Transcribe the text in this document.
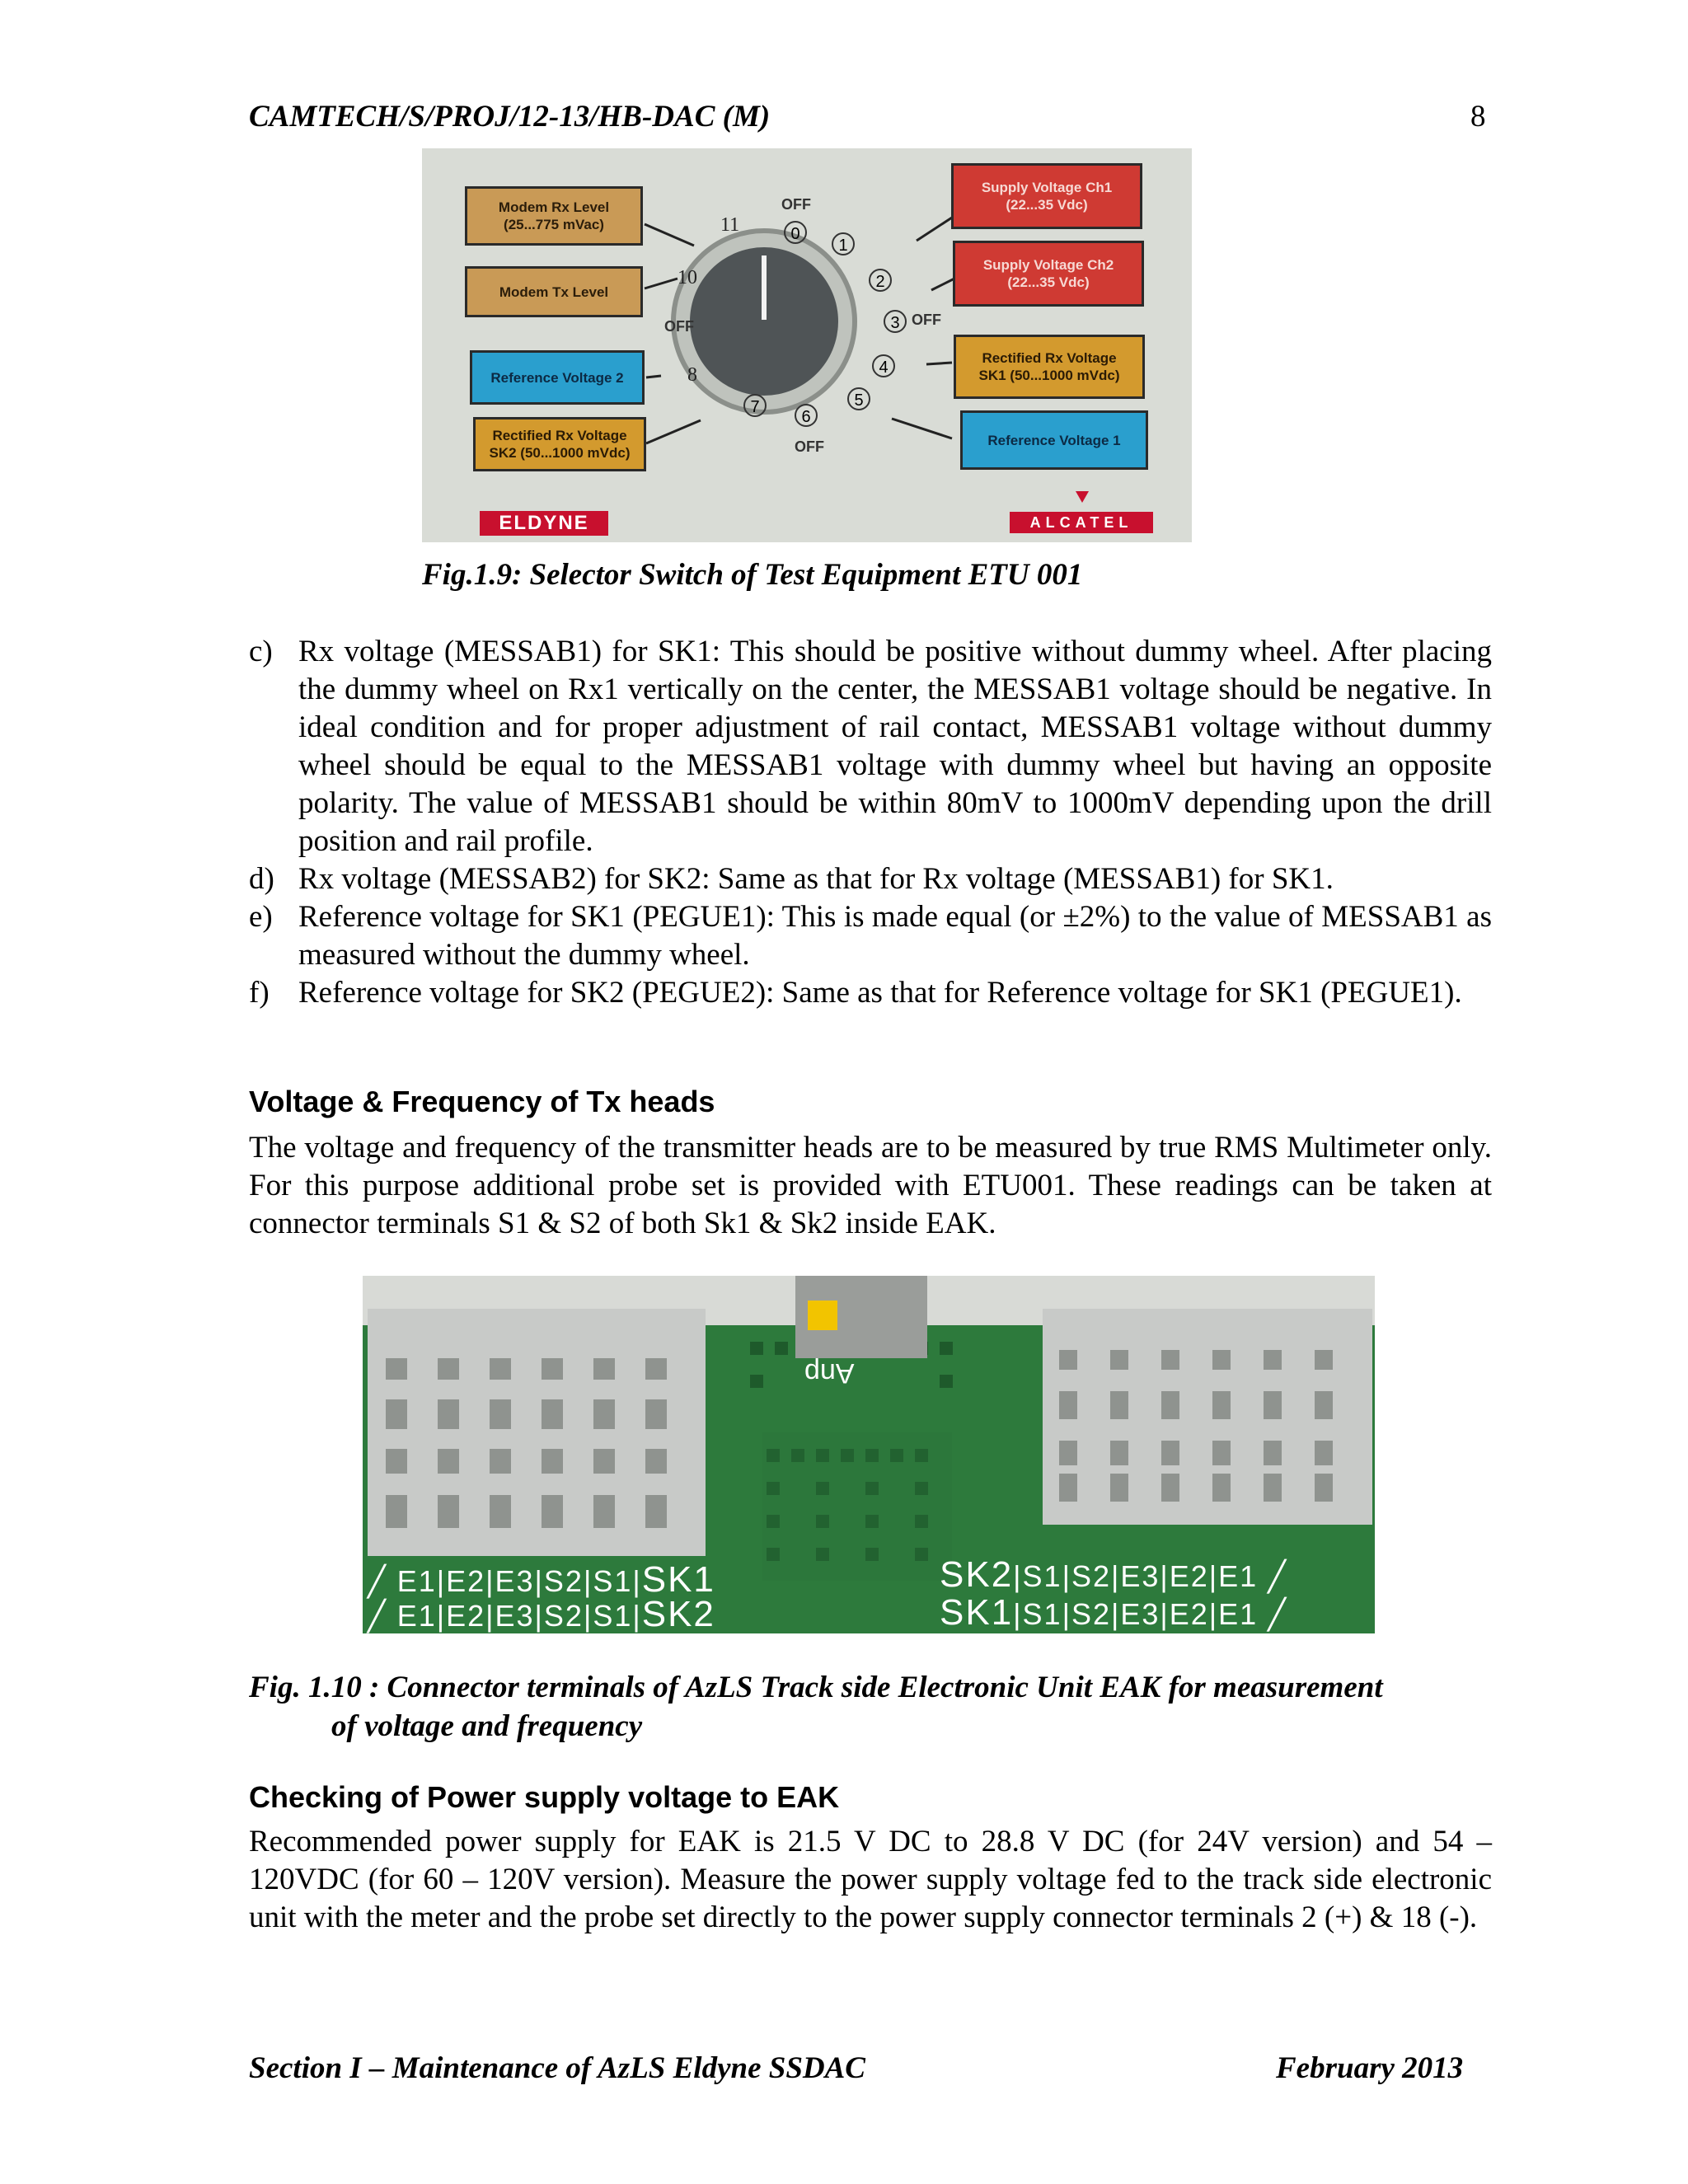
CAMTECH/S/PROJ/12-13/HB-DAC (M)	8
Modem Rx Level
(25...775 mVac)
Modem Tx Level
Reference Voltage 2
Rectified Rx Voltage
SK2 (50...1000 mVdc)
Supply Voltage Ch1
(22...35 Vdc)
Supply Voltage Ch2
(22...35 Vdc)
Rectified Rx Voltage
SK1 (50...1000 mVdc)
Reference Voltage 1
0
1
2
3
4
5
6
7
8
10
11
OFF
OFF
OFF
OFF
ELDYNE	ALCATEL
Fig.1.9: Selector Switch of Test Equipment ETU 001
c) Rx voltage (MESSAB1) for SK1: This should be positive without dummy wheel. After placing the dummy wheel on Rx1 vertically on the center, the MESSAB1 voltage should be negative. In ideal condition and for proper adjustment of rail contact, MESSAB1 voltage without dummy wheel should be equal to the MESSAB1 voltage with dummy wheel but having an opposite polarity. The value of MESSAB1 should be within 80mV to 1000mV depending upon the drill position and rail profile.
d) Rx voltage (MESSAB2) for SK2: Same as that for Rx voltage (MESSAB1) for SK1.
e) Reference voltage for SK1 (PEGUE1): This is made equal (or ±2%) to the value of MESSAB1 as measured without the dummy wheel.
f) Reference voltage for SK2 (PEGUE2): Same as that for Reference voltage for SK1 (PEGUE1).
Voltage & Frequency of Tx heads
The voltage and frequency of the transmitter heads are to be measured by true RMS Multimeter only. For this purpose additional probe set is provided with ETU001. These readings can be taken at connector terminals S1 & S2 of both Sk1 & Sk2 inside EAK.
Anp
╱ E1|E2|E3|S2|S1|SK1
╱ E1|E2|E3|S2|S1|SK2
SK2|S1|S2|E3|E2|E1 ╱
SK1|S1|S2|E3|E2|E1 ╱
Fig. 1.10 : Connector terminals of AzLS Track side Electronic Unit EAK for measurement
of voltage and frequency
Checking of Power supply voltage to EAK
Recommended power supply for EAK is 21.5 V DC to 28.8 V DC (for 24V version) and 54 – 120VDC (for 60 – 120V version). Measure the power supply voltage fed to the track side electronic unit with the meter and the probe set directly to the power supply connector terminals 2 (+) & 18 (-).
Section I – Maintenance of AzLS Eldyne SSDAC	February 2013
